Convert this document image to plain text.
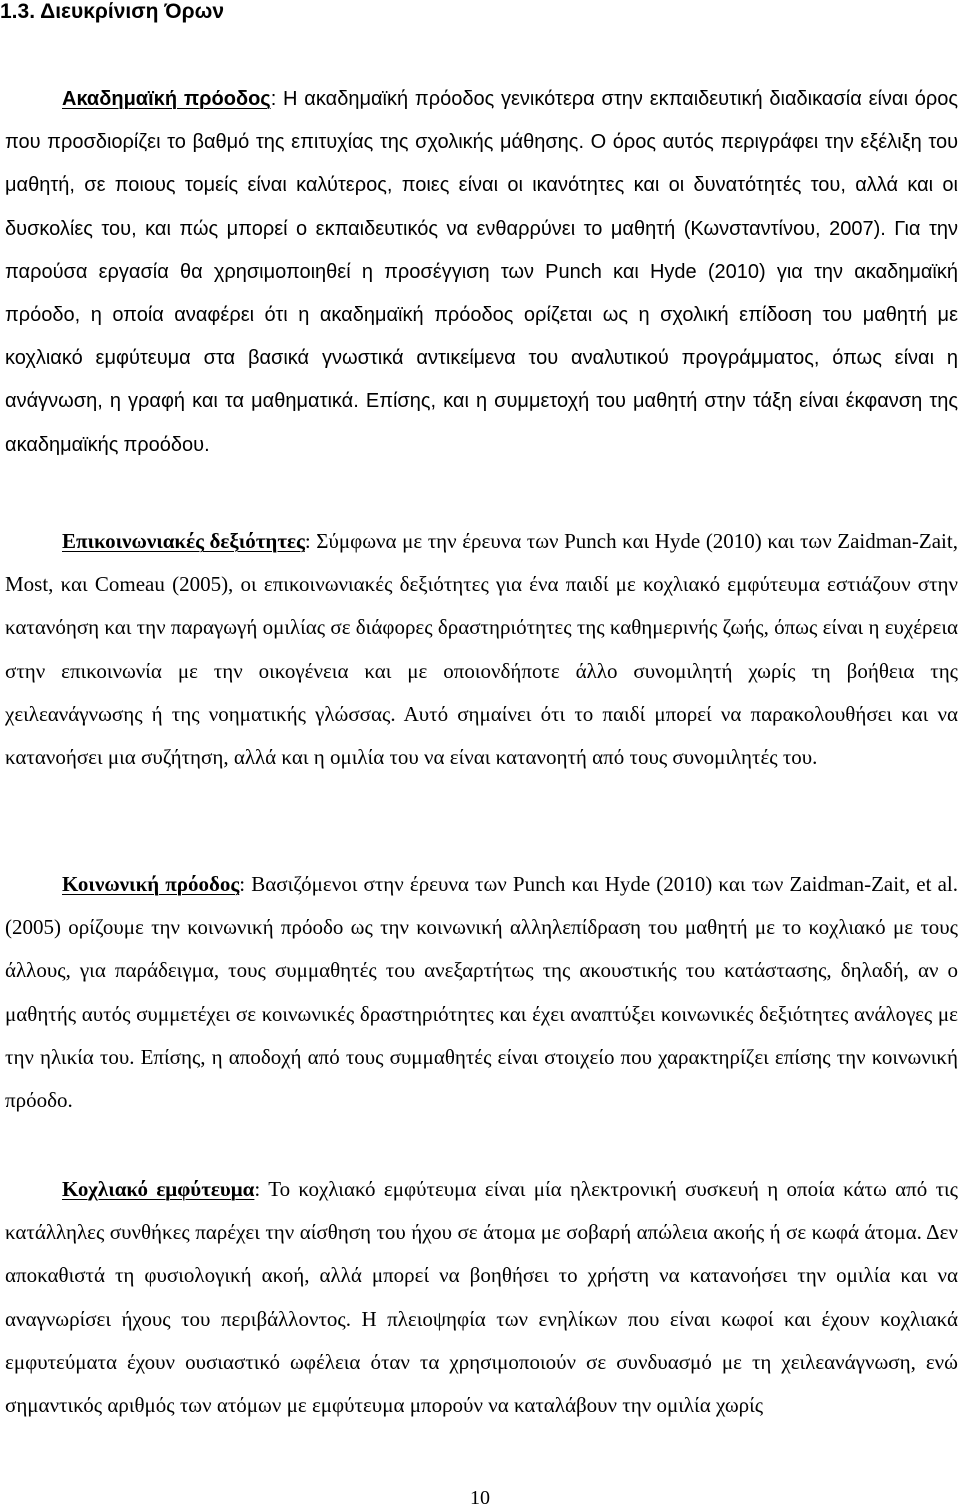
1.3. Διευκρίνιση Όρων

Ακαδημαϊκή πρόοδος: Η ακαδημαϊκή πρόοδος γενικότερα στην εκπαιδευτική διαδικασία είναι όρος που προσδιορίζει το βαθμό της επιτυχίας της σχολικής μάθησης. Ο όρος αυτός περιγράφει την εξέλιξη του μαθητή, σε ποιους τομείς είναι καλύτερος, ποιες είναι οι ικανότητες και οι δυνατότητές του, αλλά και οι δυσκολίες του, και πώς μπορεί ο εκπαιδευτικός να ενθαρρύνει το μαθητή (Κωνσταντίνου, 2007). Για την παρούσα εργασία θα χρησιμοποιηθεί η προσέγγιση των Punch και Hyde (2010) για την ακαδημαϊκή πρόοδο, η οποία αναφέρει ότι η ακαδημαϊκή πρόοδος ορίζεται ως η σχολική επίδοση του μαθητή με κοχλιακό εμφύτευμα στα βασικά γνωστικά αντικείμενα του αναλυτικού προγράμματος, όπως είναι η ανάγνωση, η γραφή και τα μαθηματικά. Επίσης, και η συμμετοχή του μαθητή στην τάξη είναι έκφανση της ακαδημαϊκής προόδου.

Επικοινωνιακές δεξιότητες: Σύμφωνα με την έρευνα των Punch και Hyde (2010) και των Zaidman-Zait, Most, και Comeau (2005), οι επικοινωνιακές δεξιότητες για ένα παιδί με κοχλιακό εμφύτευμα εστιάζουν στην κατανόηση και την παραγωγή ομιλίας σε διάφορες δραστηριότητες της καθημερινής ζωής, όπως είναι η ευχέρεια στην επικοινωνία με την οικογένεια και με οποιονδήποτε άλλο συνομιλητή χωρίς τη βοήθεια της χειλεανάγνωσης ή της νοηματικής γλώσσας. Αυτό σημαίνει ότι το παιδί μπορεί να παρακολουθήσει και να κατανοήσει μια συζήτηση, αλλά και η ομιλία του να είναι κατανοητή από τους συνομιλητές του.

Κοινωνική πρόοδος: Βασιζόμενοι στην έρευνα των Punch και Hyde (2010) και των Zaidman-Zait, et al. (2005) ορίζουμε την κοινωνική πρόοδο ως την κοινωνική αλληλεπίδραση του μαθητή με το κοχλιακό με τους άλλους, για παράδειγμα, τους συμμαθητές του ανεξαρτήτως της ακουστικής του κατάστασης, δηλαδή, αν ο μαθητής αυτός συμμετέχει σε κοινωνικές δραστηριότητες και έχει αναπτύξει κοινωνικές δεξιότητες ανάλογες με την ηλικία του. Επίσης, η αποδοχή από τους συμμαθητές είναι στοιχείο που χαρακτηρίζει επίσης την κοινωνική πρόοδο.

Κοχλιακό εμφύτευμα: Το κοχλιακό εμφύτευμα είναι μία ηλεκτρονική συσκευή η οποία κάτω από τις κατάλληλες συνθήκες παρέχει την αίσθηση του ήχου σε άτομα με σοβαρή απώλεια ακοής ή σε κωφά άτομα. Δεν αποκαθιστά τη φυσιολογική ακοή, αλλά μπορεί να βοηθήσει το χρήστη να κατανοήσει την ομιλία και να αναγνωρίσει ήχους του περιβάλλοντος. Η πλειοψηφία των ενηλίκων που είναι κωφοί και έχουν κοχλιακά εμφυτεύματα έχουν ουσιαστικό ωφέλεια όταν τα χρησιμοποιούν σε συνδυασμό με τη χειλεανάγνωση, ενώ σημαντικός αριθμός των ατόμων με εμφύτευμα μπορούν να καταλάβουν την ομιλία χωρίς

10
